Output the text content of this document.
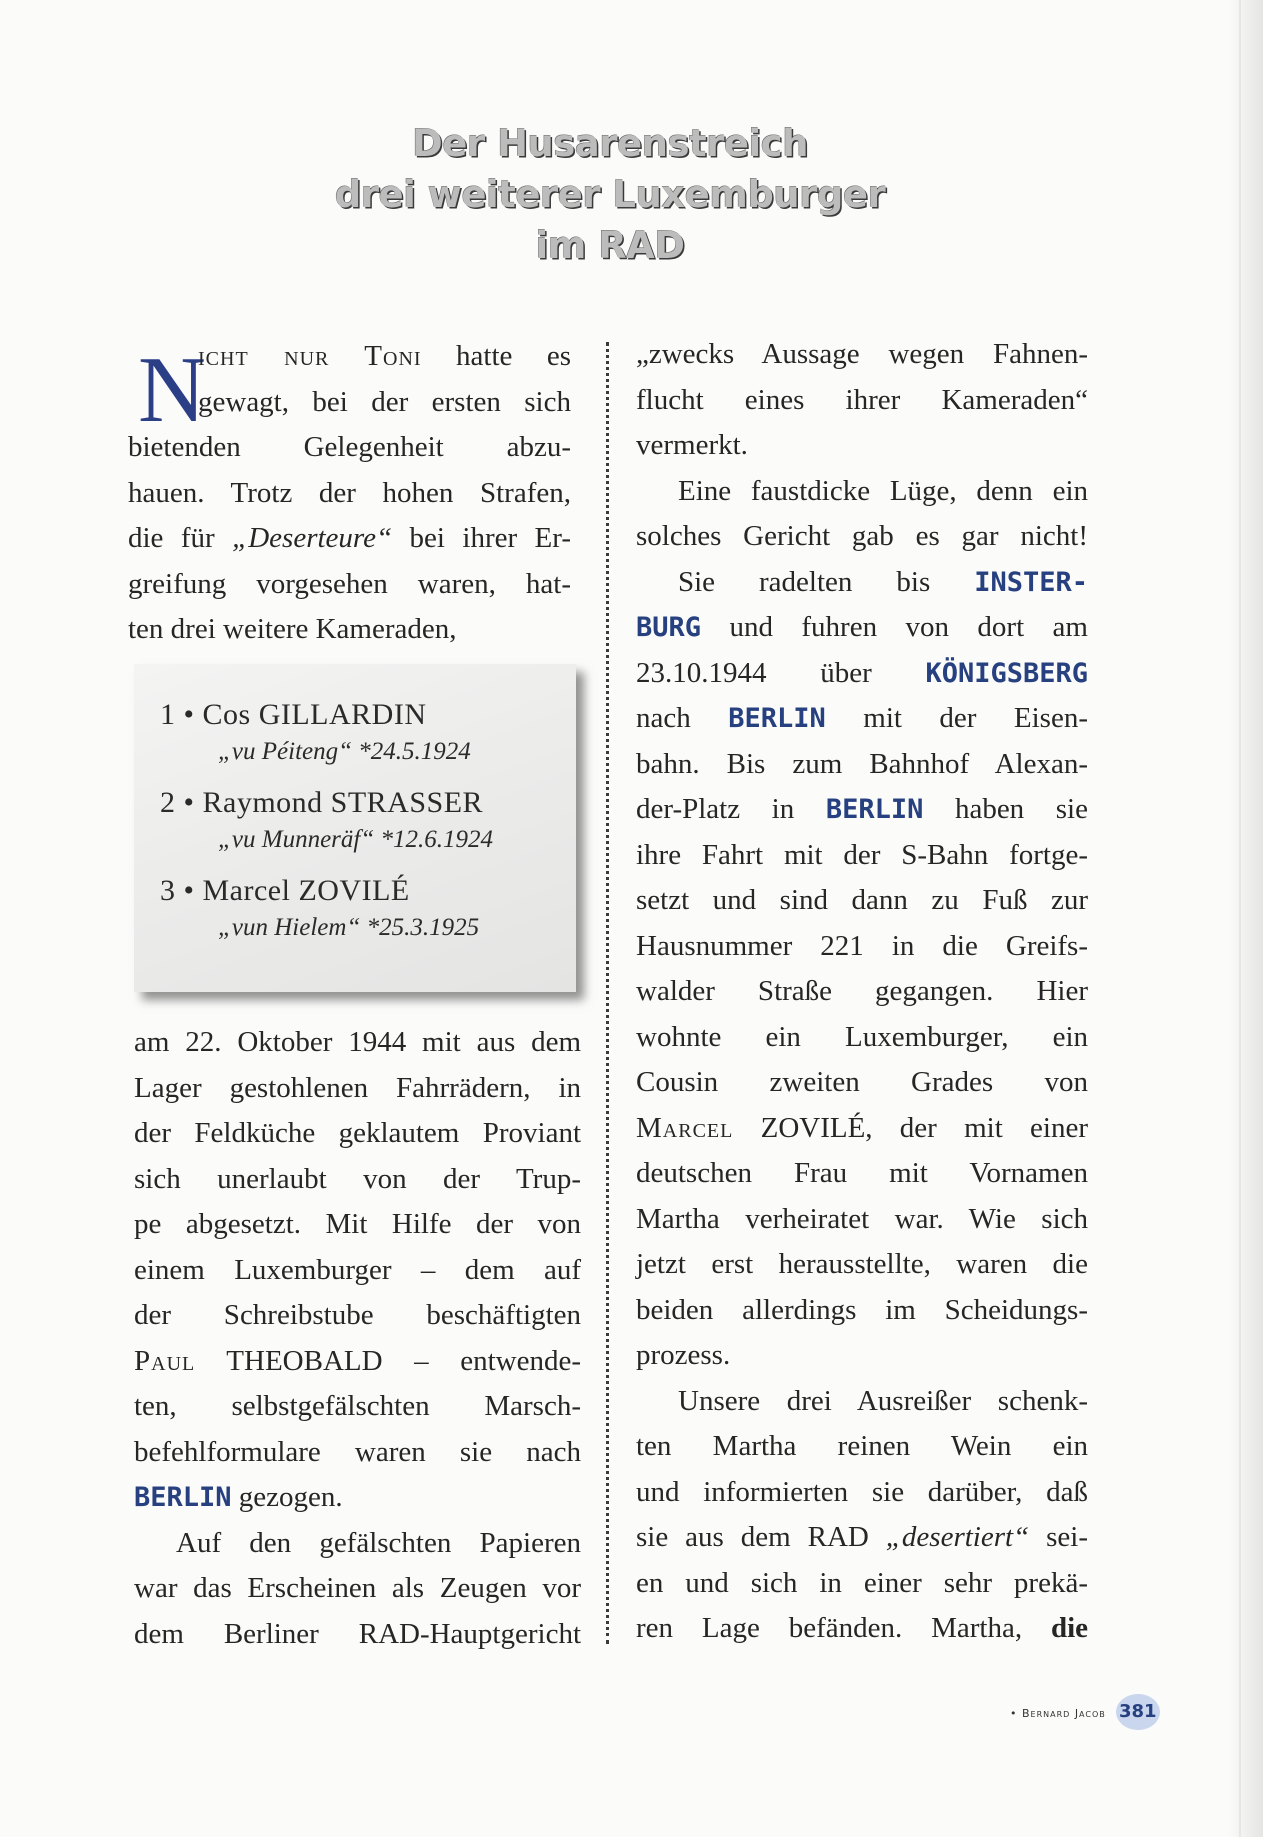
Der Husarenstreich
drei weiterer Luxemburger
im RAD
N
icht nur Toni hatte es
gewagt, bei der ersten sich
bietenden Gelegenheit abzu-
hauen. Trotz der hohen Strafen,
die für „Deserteure“ bei ihrer Er-
greifung vorgesehen waren, hat-
ten drei weitere Kameraden,
1 • Cos GILLARDIN
„vu Péiteng“ *24.5.1924
2 • Raymond STRASSER
„vu Munneräf“ *12.6.1924
3 • Marcel ZOVILÉ
„vun Hielem“ *25.3.1925
am 22. Oktober 1944 mit aus dem
Lager gestohlenen Fahrrädern, in
der Feldküche geklautem Proviant
sich unerlaubt von der Trup-
pe abgesetzt. Mit Hilfe der von
einem Luxemburger – dem auf
der Schreibstube beschäftigten
Paul THEOBALD – entwende-
ten, selbstgefälschten Marsch-
befehlformulare waren sie nach
BERLIN gezogen.
Auf den gefälschten Papieren
war das Erscheinen als Zeugen vor
dem Berliner RAD-Hauptgericht
„zwecks Aussage wegen Fahnen-
flucht eines ihrer Kameraden“
vermerkt.
Eine faustdicke Lüge, denn ein
solches Gericht gab es gar nicht!
Sie radelten bis INSTER-
BURG und fuhren von dort am
23.10.1944 über KÖNIGSBERG
nach BERLIN mit der Eisen-
bahn. Bis zum Bahnhof Alexan-
der-Platz in BERLIN haben sie
ihre Fahrt mit der S-Bahn fortge-
setzt und sind dann zu Fuß zur
Hausnummer 221 in die Greifs-
walder Straße gegangen. Hier
wohnte ein Luxemburger, ein
Cousin zweiten Grades von
Marcel ZOVILÉ, der mit einer
deutschen Frau mit Vornamen
Martha verheiratet war. Wie sich
jetzt erst herausstellte, waren die
beiden allerdings im Scheidungs-
prozess.
Unsere drei Ausreißer schenk-
ten Martha reinen Wein ein
und informierten sie darüber, daß
sie aus dem RAD „desertiert“ sei-
en und sich in einer sehr prekä-
ren Lage befänden. Martha, die
• Bernard Jacob 381
